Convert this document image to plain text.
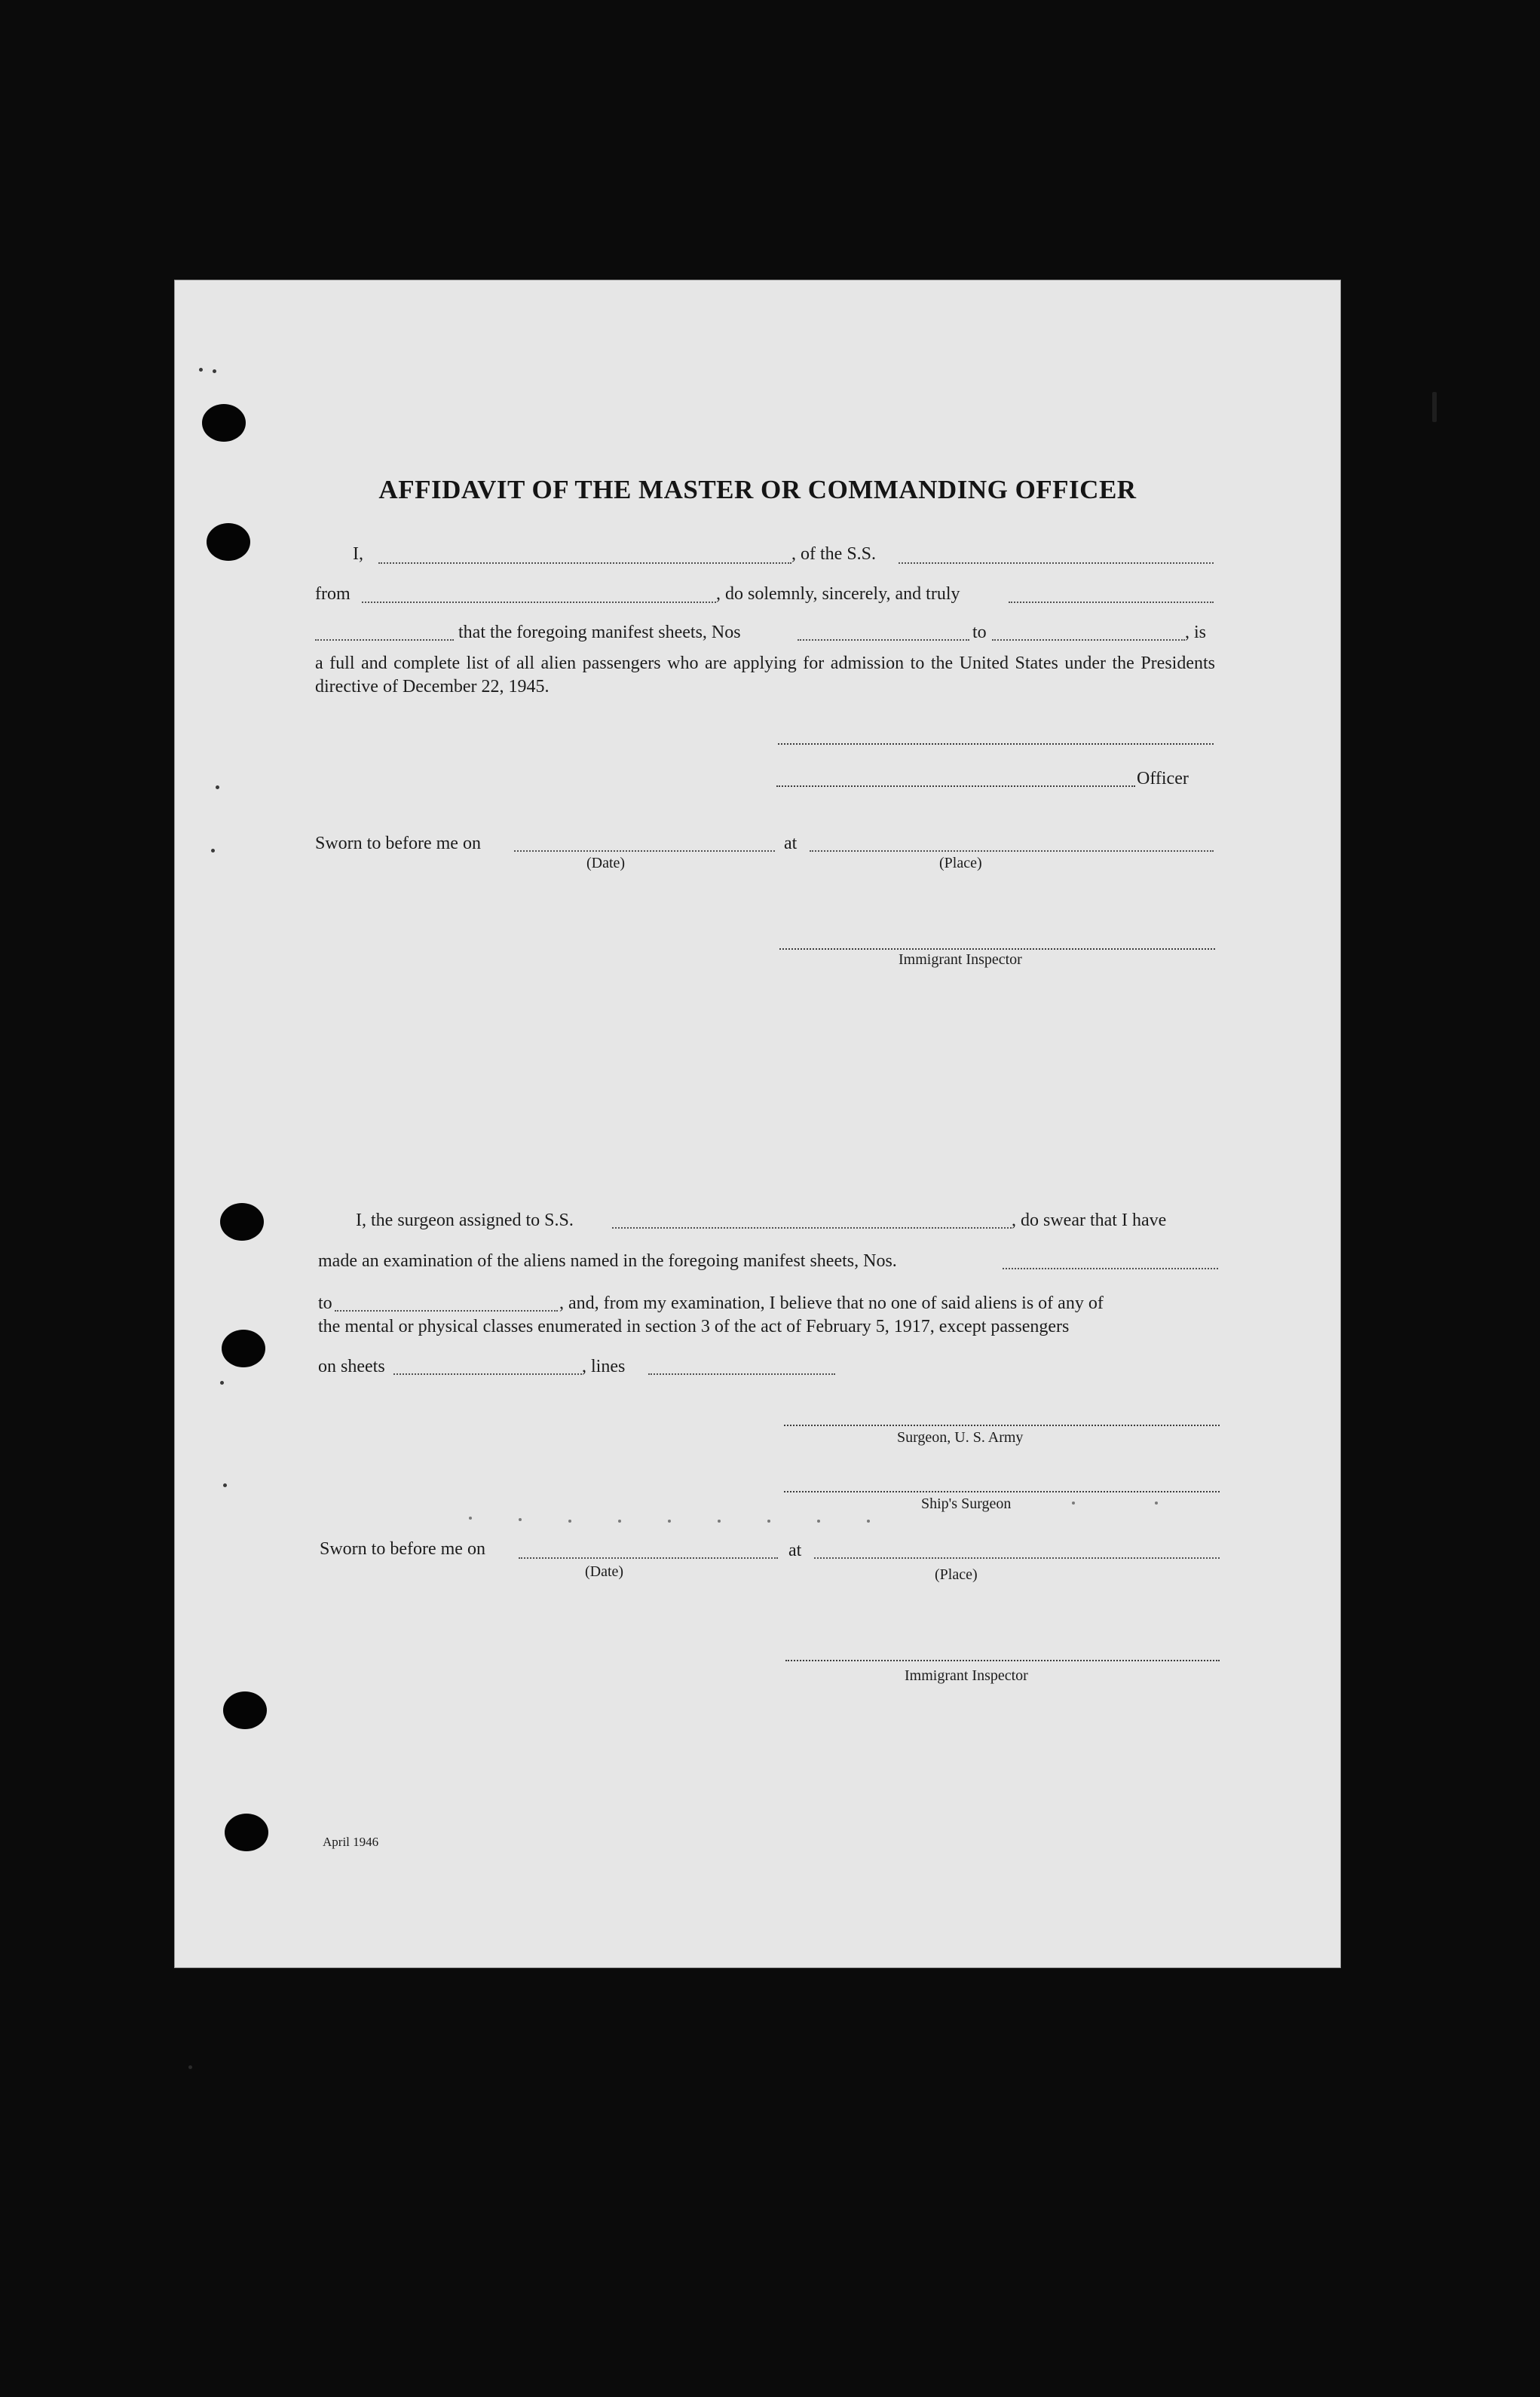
AFFIDAVIT OF THE MASTER OR COMMANDING OFFICER
I,	, of the S.S.
from	, do solemnly, sincerely, and truly
that the foregoing manifest sheets, Nos	to	, is
a full and complete list of all alien passengers who are applying for admission to the United States under the Presidents directive of December 22, 1945.
Officer
Sworn to before me on	at
(Date)	(Place)
Immigrant Inspector
I, the surgeon assigned to S.S.	, do swear that I have
made an examination of the aliens named in the foregoing manifest sheets, Nos.
to	, and, from my examination, I believe that no one of said aliens is of any of
the mental or physical classes enumerated in section 3 of the act of February 5, 1917, except passengers
on sheets	, lines
Surgeon, U. S. Army
Ship's Surgeon
Sworn to before me on	at
(Date)	(Place)
Immigrant Inspector
April 1946
